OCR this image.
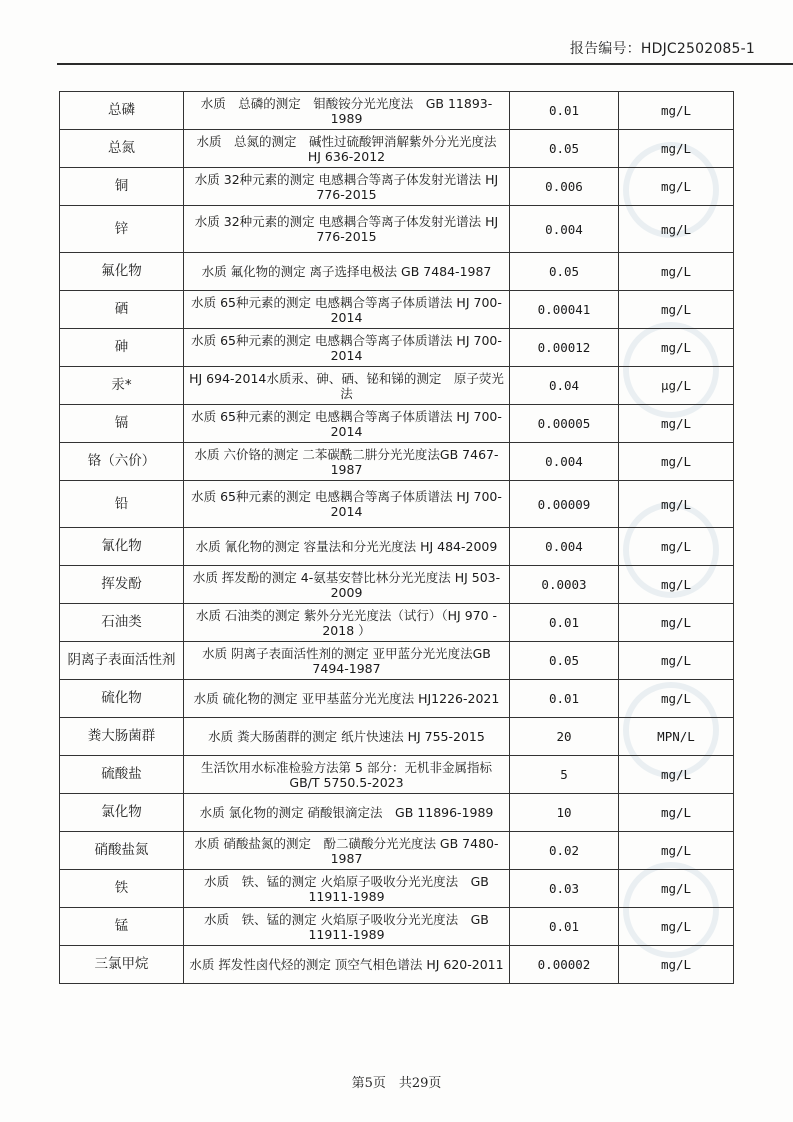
报告编号：HDJC2502085-1
总磷	水质　总磷的测定　钼酸铵分光光度法　GB 11893-1989	0.01	mg/L
总氮	水质　总氮的测定　碱性过硫酸钾消解紫外分光光度法 HJ 636-2012	0.05	mg/L
铜	水质 32种元素的测定 电感耦合等离子体发射光谱法 HJ 776-2015	0.006	mg/L
锌	水质 32种元素的测定 电感耦合等离子体发射光谱法 HJ 776-2015	0.004	mg/L
氟化物	水质 氟化物的测定 离子选择电极法 GB 7484-1987	0.05	mg/L
硒	水质 65种元素的测定 电感耦合等离子体质谱法 HJ 700-2014	0.00041	mg/L
砷	水质 65种元素的测定 电感耦合等离子体质谱法 HJ 700-2014	0.00012	mg/L
汞*	HJ 694-2014水质汞、砷、硒、铋和锑的测定　原子荧光法	0.04	μg/L
镉	水质 65种元素的测定 电感耦合等离子体质谱法 HJ 700-2014	0.00005	mg/L
铬（六价）	水质 六价铬的测定 二苯碳酰二肼分光光度法GB 7467-1987	0.004	mg/L
铅	水质 65种元素的测定 电感耦合等离子体质谱法 HJ 700-2014	0.00009	mg/L
氰化物	水质 氰化物的测定 容量法和分光光度法 HJ 484-2009	0.004	mg/L
挥发酚	水质 挥发酚的测定 4-氨基安替比林分光光度法 HJ 503-2009	0.0003	mg/L
石油类	水质 石油类的测定 紫外分光光度法（试行）（HJ 970 - 2018 ）	0.01	mg/L
阴离子表面活性剂	水质 阴离子表面活性剂的测定 亚甲蓝分光光度法GB 7494-1987	0.05	mg/L
硫化物	水质 硫化物的测定 亚甲基蓝分光光度法 HJ1226-2021	0.01	mg/L
粪大肠菌群	水质 粪大肠菌群的测定 纸片快速法 HJ 755-2015	20	MPN/L
硫酸盐	生活饮用水标准检验方法第 5 部分：无机非金属指标 GB/T 5750.5-2023	5	mg/L
氯化物	水质 氯化物的测定 硝酸银滴定法　GB 11896-1989	10	mg/L
硝酸盐氮	水质 硝酸盐氮的测定　酚二磺酸分光光度法 GB 7480-1987	0.02	mg/L
铁	水质　铁、锰的测定 火焰原子吸收分光光度法　GB 11911-1989	0.03	mg/L
锰	水质　铁、锰的测定 火焰原子吸收分光光度法　GB 11911-1989	0.01	mg/L
三氯甲烷	水质 挥发性卤代烃的测定 顶空气相色谱法 HJ 620-2011	0.00002	mg/L
第5页　共29页
